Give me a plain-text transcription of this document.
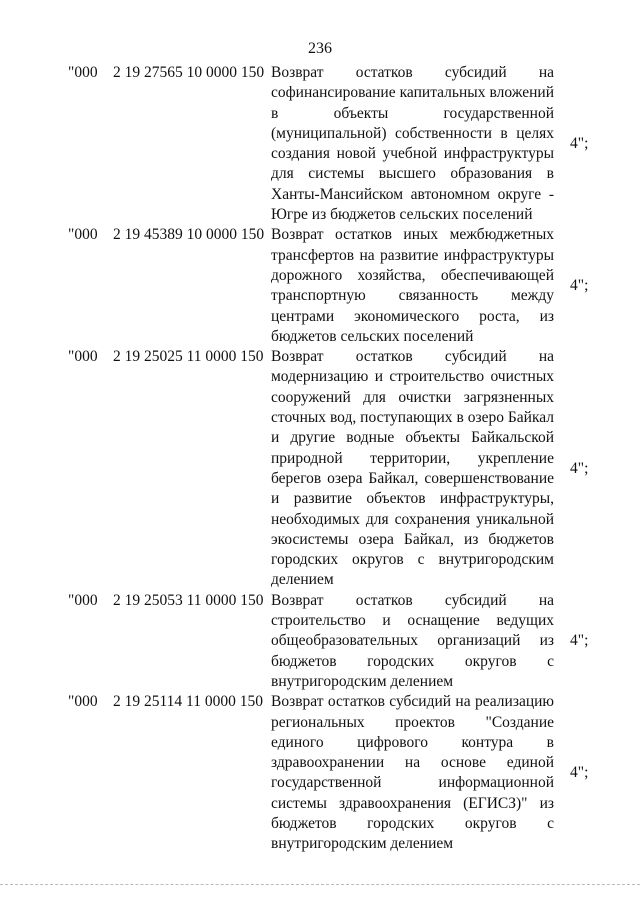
236
"000 2 19 27565 10 0000 150 Возврат остатков субсидий на софинансирование капитальных вложений в объекты государственной (муниципальной) собственности в целях создания новой учебной инфраструктуры для системы высшего образования в Ханты-Мансийском автономном округе - Югре из бюджетов сельских поселений
4";
"000 2 19 45389 10 0000 150 Возврат остатков иных межбюджетных трансфертов на развитие инфраструктуры дорожного хозяйства, обеспечивающей транспортную связанность между центрами экономического роста, из бюджетов сельских поселений
4";
"000 2 19 25025 11 0000 150 Возврат остатков субсидий на модернизацию и строительство очистных сооружений для очистки загрязненных сточных вод, поступающих в озеро Байкал и другие водные объекты Байкальской природной территории, укрепление берегов озера Байкал, совершенствование и развитие объектов инфраструктуры, необходимых для сохранения уникальной экосистемы озера Байкал, из бюджетов городских округов с внутригородским делением
4";
"000 2 19 25053 11 0000 150 Возврат остатков субсидий на строительство и оснащение ведущих общеобразовательных организаций из бюджетов городских округов с внутригородским делением
4";
"000 2 19 25114 11 0000 150 Возврат остатков субсидий на реализацию региональных проектов "Создание единого цифрового контура в здравоохранении на основе единой государственной информационной системы здравоохранения (ЕГИСЗ)" из бюджетов городских округов с внутригородским делением
4";
